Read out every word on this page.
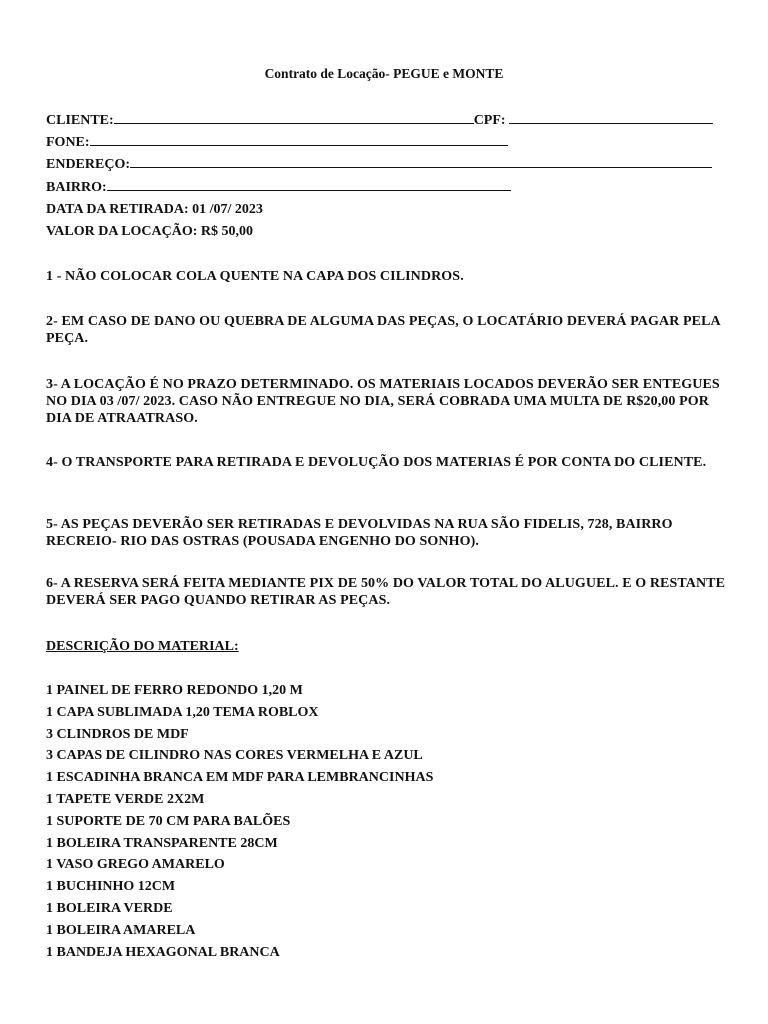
Contrato de Locação- PEGUE e MONTE
CLIENTE:	CPF:
FONE:
ENDEREÇO:
BAIRRO:
DATA DA RETIRADA: 01 /07/ 2023
VALOR DA LOCAÇÃO: R$ 50,00
1 - NÃO COLOCAR COLA QUENTE NA CAPA DOS CILINDROS.
2- EM CASO DE DANO OU QUEBRA DE ALGUMA DAS PEÇAS, O LOCATÁRIO DEVERÁ PAGAR PELA PEÇA.
3- A LOCAÇÃO É NO PRAZO DETERMINADO. OS MATERIAIS LOCADOS DEVERÃO SER ENTEGUES NO DIA 03 /07/ 2023. CASO NÃO ENTREGUE NO DIA, SERÁ COBRADA UMA MULTA DE R$20,00 POR DIA DE ATRAATRASO.
4- O TRANSPORTE PARA RETIRADA E DEVOLUÇÃO DOS MATERIAS É POR CONTA DO CLIENTE.
5- AS PEÇAS DEVERÃO SER RETIRADAS E DEVOLVIDAS NA RUA SÃO FIDELIS, 728, BAIRRO RECREIO- RIO DAS OSTRAS (POUSADA ENGENHO DO SONHO).
6- A RESERVA SERÁ FEITA MEDIANTE PIX DE 50% DO VALOR TOTAL DO ALUGUEL. E O RESTANTE DEVERÁ SER PAGO QUANDO RETIRAR AS PEÇAS.
DESCRIÇÃO DO MATERIAL:
1 PAINEL DE FERRO REDONDO 1,20 M
1 CAPA SUBLIMADA 1,20 TEMA ROBLOX
3 CLINDROS DE MDF
3 CAPAS DE CILINDRO NAS CORES VERMELHA E AZUL
1 ESCADINHA BRANCA EM MDF PARA LEMBRANCINHAS
1 TAPETE VERDE 2X2M
1 SUPORTE DE 70 CM PARA BALÕES
1 BOLEIRA TRANSPARENTE 28CM
1 VASO GREGO AMARELO
1 BUCHINHO 12CM
1 BOLEIRA VERDE
1 BOLEIRA AMARELA
1 BANDEJA HEXAGONAL BRANCA
